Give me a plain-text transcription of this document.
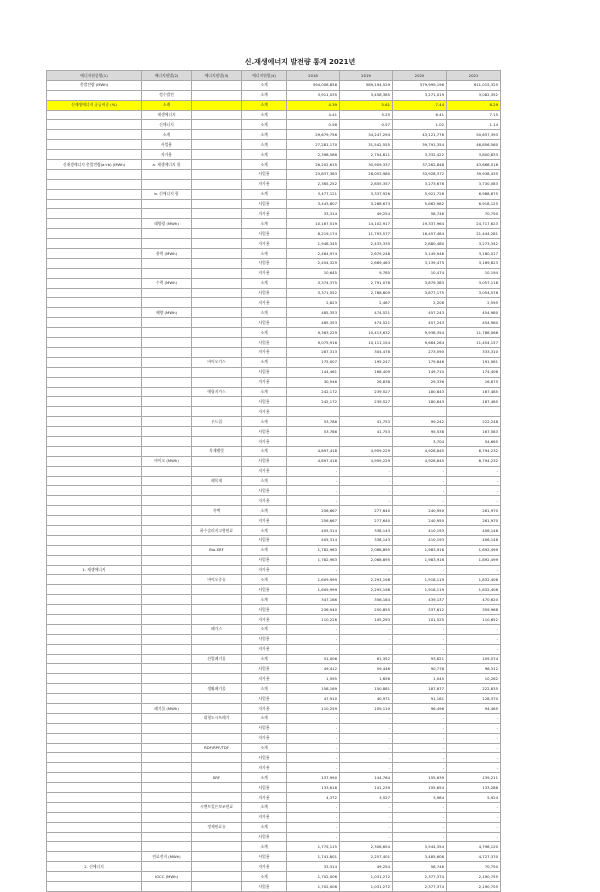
신.재생에너지 발전량 통계 2021년
에너지원종별(1)	에너지원별(2)	에너지원별(3)	에너지원별(4)	2018	2019	2020	2021
총발전량 (MWh)			소계	594,008,858	589,194,529	579,999,196	611,015,325
	정수발전		소계	3,911,035	3,458,385	3,271,019	3,082,352
신재생에너지 공급비중 (%)	소계		소계	4.39	5.61	7.44	8.29
	재생에너지		소계	4.41	5.25	6.41	7.15
	신에너지		소계	0.58	0.57	1.02	1.14
	소계		소계	29,679,756	34,247,294	43,121,776	50,657,393
	사업용		소계	27,281,170	31,542,555	39,791,354	46,856,560
	자가용		소계	2,398,586	2,704,611	3,332,422	3,800,833
신재생에너지 총발전량(a+b) (MWh)	a. 재생에너지 합		소계	26,202,615	30,909,337	37,262,848	43,668,518
			사업용	23,837,363	28,053,980	33,928,372	39,938,435
			자가용	2,365,252	2,855,357	3,273,676	3,730,083
	b. 신에너지 합		소계	3,477,121	3,337,926	5,921,728	6,988,875
			사업용	3,443,807	3,288,673	5,862,982	6,918,125
			자가용	33,314	49,254	58,746	70,750
	태양광 (MWh)		소계	10,167,519	14,102,917	19,337,964	24,717,623
			사업용	8,219,174	11,793,577	16,457,484	21,444,281
			자가용	1,948,345	2,433,335	2,880,480	3,273,342
	풍력 (MWh)		소계	2,464,974	2,679,248	3,149,948	3,180,017
			사업용	2,454,329	2,669,463	3,139,475	3,169,823
			자가용	10,645	9,785	10,474	10,194
	수력 (MWh)		소계	3,374,375	2,791,076	3,879,383	3,057,118
			사업용	3,371,552	2,788,609	3,877,175	3,054,578
			자가용	2,823	2,467	2,208	2,595
	해양 (MWh)		소계	485,353	474,521	457,243	454,980
			사업용	485,353	474,521	457,243	454,980
			소계	9,363,229	10,413,632	9,938,354	11,788,068
			사업용	9,075,916	10,111,154	9,664,264	11,454,157
			자가용	287,313	304,478	273,590	333,310
		바이오가스	소계	175,007	195,247	179,846	191,081
			사업용	144,461	168,409	149,710	174,406
			자가용	30,546	26,838	29,336	16,675
		매립지가스	소계	242,172	239,527	180,843	187,485
			사업용	242,172	239,527	180,843	187,485
			자가용				
		우드칩	소계	53,786	41,753	99,242	222,248
			사업용	53,786	41,753	95,538	167,583
			자가용			3,704	54,665
		목재펠릿	소계	4,897,418	4,959,229	4,926,845	6,794,232
	바이오 (MWh)		사업용	4,897,418	4,959,229	4,926,845	6,794,232
			자가용	-	-	-	-
		폐목재	소계	-	-	-	-
			사업용	-	-	-	-
			자가용	-	-	-	-
		흑액	소계	256,667	277,640	240,950	261,970
			자가용	256,667	277,640	240,950	261,970
		하수슬러지고형연료	소계	405,314	338,143	410,193	406,146
			사업용	405,314	338,143	410,193	406,146
		Bio-SRF	소계	1,782,963	2,068,895	1,983,916	1,892,499
			사업용	1,782,963	2,068,895	1,983,916	1,892,499
1. 재생에너지			자가용	-	-	-	-
		바이오중유	소계	1,609,999	2,293,198	1,918,119	1,832,406
			사업용	1,609,999	2,293,198	1,918,119	1,832,406
			소계	347,166	356,184	439,137	470,620
			사업용	236,940	250,855	337,612	359,968
			자가용	110,226	105,293	101,525	110,652
		폐가스	소계	-	-	-	-
			사업용	-	-	-	-
			자가용	-	-	-	-
		산업폐기물	소계	51,006	61,352	93,821	109,574
			사업용	49,412	59,446	90,776	98,312
			자가용	1,595	1,656	1,045	10,262
		생활폐기물	소계	158,169	150,881	187,677	222,835
			사업용	47,910	40,971	91,181	128,370
	폐기물 (MWh)		자가용	110,259	109,110	96,496	94,465
		대형도시쓰레기	소계	-	-	-	-
			사업용	-	-	-	-
			자가용	-	-	-	-
		RDF/RPF/TDF	소계	-	-	-	-
			사업용	-	-	-	-
			자가용	-	-	-	-
		SRF	소계	137,990	144,764	155,639	139,211
			사업용	133,618	141,239	155,654	133,286
			자가용	4,372	3,527	3,984	5,924
		시멘트킬른보조연료	소계	-	-	-	-
			자가용	-	-	-	-
		정제연료유	소계	-	-	-	-
			사업용	-	-	-	-
			소계	1,775,115	2,306,654	3,544,354	4,798,120
	연료전지 (MWh)		사업용	1,741,801	2,257,401	3,485,608	4,727,370
2. 신에너지			자가용	33,314	49,254	58,746	70,750
	IGCC (MWh)		소계	1,702,006	1,031,272	2,377,374	2,190,755
			사업용	1,702,006	1,031,272	2,377,374	2,190,755
